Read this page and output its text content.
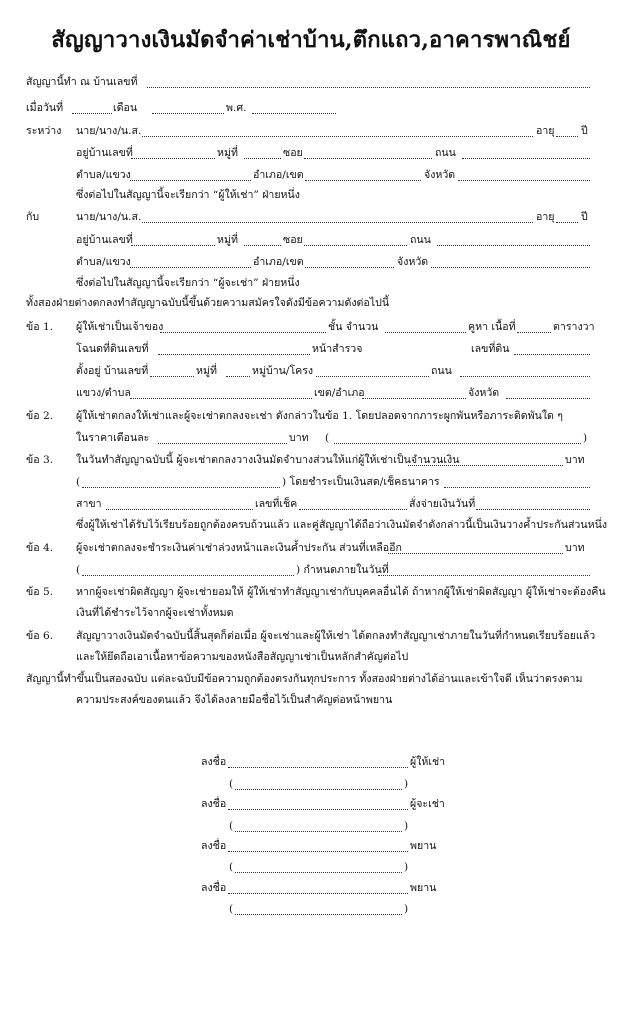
สัญญาวางเงินมัดจำค่าเช่าบ้าน,ตึกแถว,อาคารพาณิชย์
สัญญานี้ทำ ณ บ้านเลขที่
เมื่อวันที่	เดือน	พ.ศ.
ระหว่าง นาย/นาง/น.ส.	อายุ ปี
อยู่บ้านเลขที่	หมู่ที่	ซอย	ถนน
ตำบล/แขวง	อำเภอ/เขต	จังหวัด
ซึ่งต่อไปในสัญญานี้จะเรียกว่า “ผู้ให้เช่า” ฝ่ายหนึ่ง
กับ	นาย/นาง/น.ส.	อายุ ปี
อยู่บ้านเลขที่	หมู่ที่	ซอย	ถนน
ตำบล/แขวง	อำเภอ/เขต	จังหวัด
ซึ่งต่อไปในสัญญานี้จะเรียกว่า “ผู้จะเช่า” ฝ่ายหนึ่ง
ทั้งสองฝ่ายต่างตกลงทำสัญญาฉบับนี้ขึ้นด้วยความสมัครใจดังมีข้อความดังต่อไปนี้
ข้อ 1. ผู้ให้เช่าเป็นเจ้าของ	ชั้น จำนวน	คูหา เนื้อที่	ตารางวา
โฉนดที่ดินเลขที่	หน้าสำรวจ	เลขที่ดิน
ตั้งอยู่ บ้านเลขที่	หมู่ที่	หมู่บ้าน/โครง	ถนน
แขวง/ตำบล	เขต/อำเภอ	จังหวัด
ข้อ 2. ผู้ให้เช่าตกลงให้เช่าและผู้จะเช่าตกลงจะเช่า ดังกล่าวในข้อ 1. โดยปลอดจากภาระผูกพันหรือภาระติดพันใด ๆ
ในราคาเดือนละ	บาท (	)
ข้อ 3. ในวันทำสัญญาฉบับนี้ ผู้จะเช่าตกลงวางเงินมัดจำบางส่วนให้แก่ผู้ให้เช่าเป็นจำนวนเงิน	บาท
(	) โดยชำระเป็นเงินสด/เช็คธนาคาร
สาขา	เลขที่เช็ค	สั่งจ่ายเงินวันที่
ซึ่งผู้ให้เช่าได้รับไว้เรียบร้อยถูกต้องครบถ้วนแล้ว และคู่สัญญาได้ถือว่าเงินมัดจำดังกล่าวนี้เป็นเงินวางค้ำประกันส่วนหนึ่ง
ข้อ 4. ผู้จะเช่าตกลงจะชำระเงินค่าเช่าล่วงหน้าและเงินค้ำประกัน ส่วนที่เหลืออีก	บาท
(	) กำหนดภายในวันที่
ข้อ 5. หากผู้จะเช่าผิดสัญญา ผู้จะเช่ายอมให้ ผู้ให้เช่าทำสัญญาเช่ากับบุคคลอื่นได้ ถ้าหากผู้ให้เช่าผิดสัญญา ผู้ให้เช่าจะต้องคืน
เงินที่ได้ชำระไว้จากผู้จะเช่าทั้งหมด
ข้อ 6. สัญญาวางเงินมัดจำฉบับนี้สิ้นสุดก็ต่อเมื่อ ผู้จะเช่าและผู้ให้เช่า ได้ตกลงทำสัญญาเช่าภายในวันที่กำหนดเรียบร้อยแล้ว
และให้ยึดถือเอาเนื้อหาข้อความของหนังสือสัญญาเช่าเป็นหลักสำคัญต่อไป
สัญญานี้ทำขึ้นเป็นสองฉบับ แต่ละฉบับมีข้อความถูกต้องตรงกันทุกประการ ทั้งสองฝ่ายต่างได้อ่านและเข้าใจดี เห็นว่าตรงตาม
ความประสงค์ของตนแล้ว จึงได้ลงลายมือชื่อไว้เป็นสำคัญต่อหน้าพยาน
ลงชื่อ	ผู้ให้เช่า
(	)
ลงชื่อ	ผู้จะเช่า
(	)
ลงชื่อ	พยาน
(	)
ลงชื่อ	พยาน
(	)
